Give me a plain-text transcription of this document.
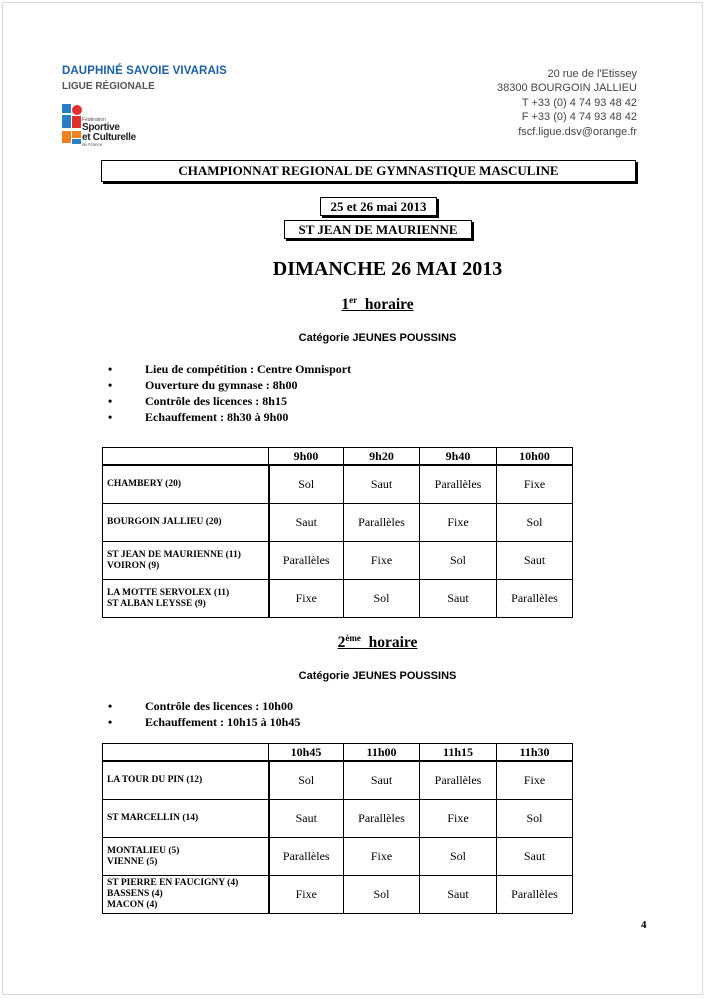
DAUPHINÉ SAVOIE VIVARAIS
LIGUE RÉGIONALE
Fédération
Sportive
et Culturelle
de France
20 rue de l'Etissey
38300 BOURGOIN JALLIEU
T +33 (0) 4 74 93 48 42
F +33 (0) 4 74 93 48 42
fscf.ligue.dsv@orange.fr
CHAMPIONNAT REGIONAL DE GYMNASTIQUE MASCULINE
25 et 26 mai 2013
ST JEAN DE MAURIENNE
DIMANCHE 26 MAI 2013
1er horaire
Catégorie JEUNES POUSSINS
• Lieu de compétition : Centre Omnisport
• Ouverture du gymnase : 8h00
• Contrôle des licences : 8h15
• Echauffement : 8h30 à 9h00
	9h00	9h20	9h40	10h00

CHAMBERY (20)	Sol	Saut	Parallèles	Fixe

BOURGOIN JALLIEU (20)	Saut	Parallèles	Fixe	Sol

ST JEAN DE MAURIENNE (11)
VOIRON (9)	Parallèles	Fixe	Sol	Saut

LA MOTTE SERVOLEX (11)
ST ALBAN LEYSSE (9)	Fixe	Sol	Saut	Parallèles
2ème horaire
Catégorie JEUNES POUSSINS
• Contrôle des licences : 10h00
• Echauffement : 10h15 à 10h45
	10h45	11h00	11h15	11h30

LA TOUR DU PIN (12)	Sol	Saut	Parallèles	Fixe

ST MARCELLIN (14)	Saut	Parallèles	Fixe	Sol

MONTALIEU (5)
VIENNE (5)	Parallèles	Fixe	Sol	Saut

ST PIERRE EN FAUCIGNY (4)
BASSENS (4)
MACON (4)	Fixe	Sol	Saut	Parallèles
4
